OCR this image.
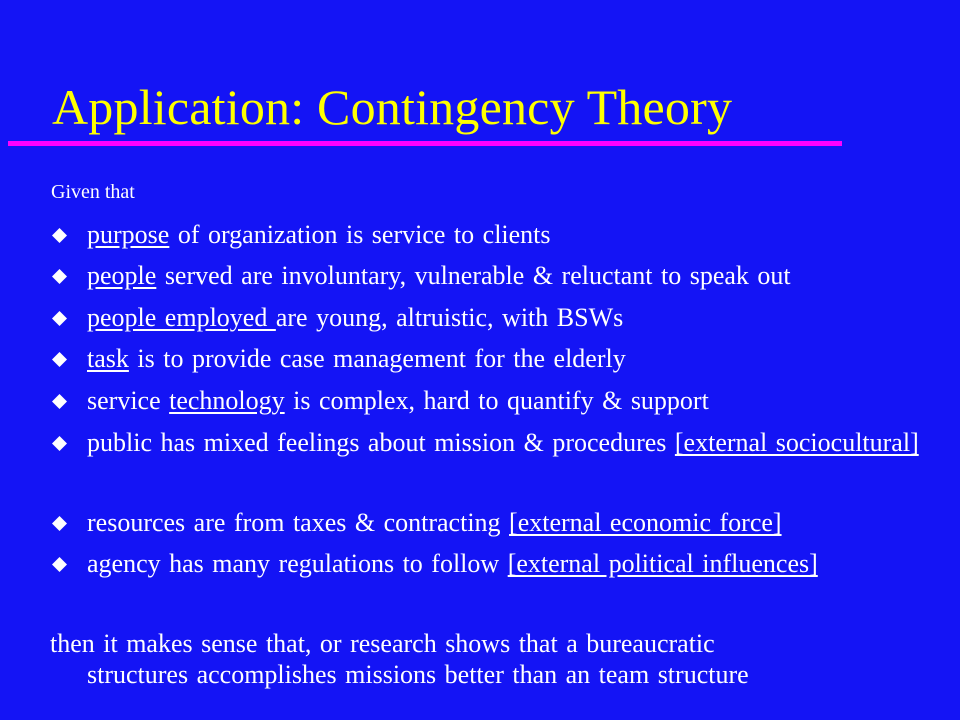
Application: Contingency Theory
Given that
purpose of organization is service to clients
people served are involuntary, vulnerable & reluctant to speak out
people employed are young, altruistic, with BSWs
task is to provide case management for the elderly
service technology is complex, hard to quantify & support
public has mixed feelings about mission & procedures [external sociocultural]
resources are from taxes & contracting [external economic force]
agency has many regulations to follow [external political influences]
then it makes sense that, or research shows that a bureaucratic
structures accomplishes missions better than an team structure
